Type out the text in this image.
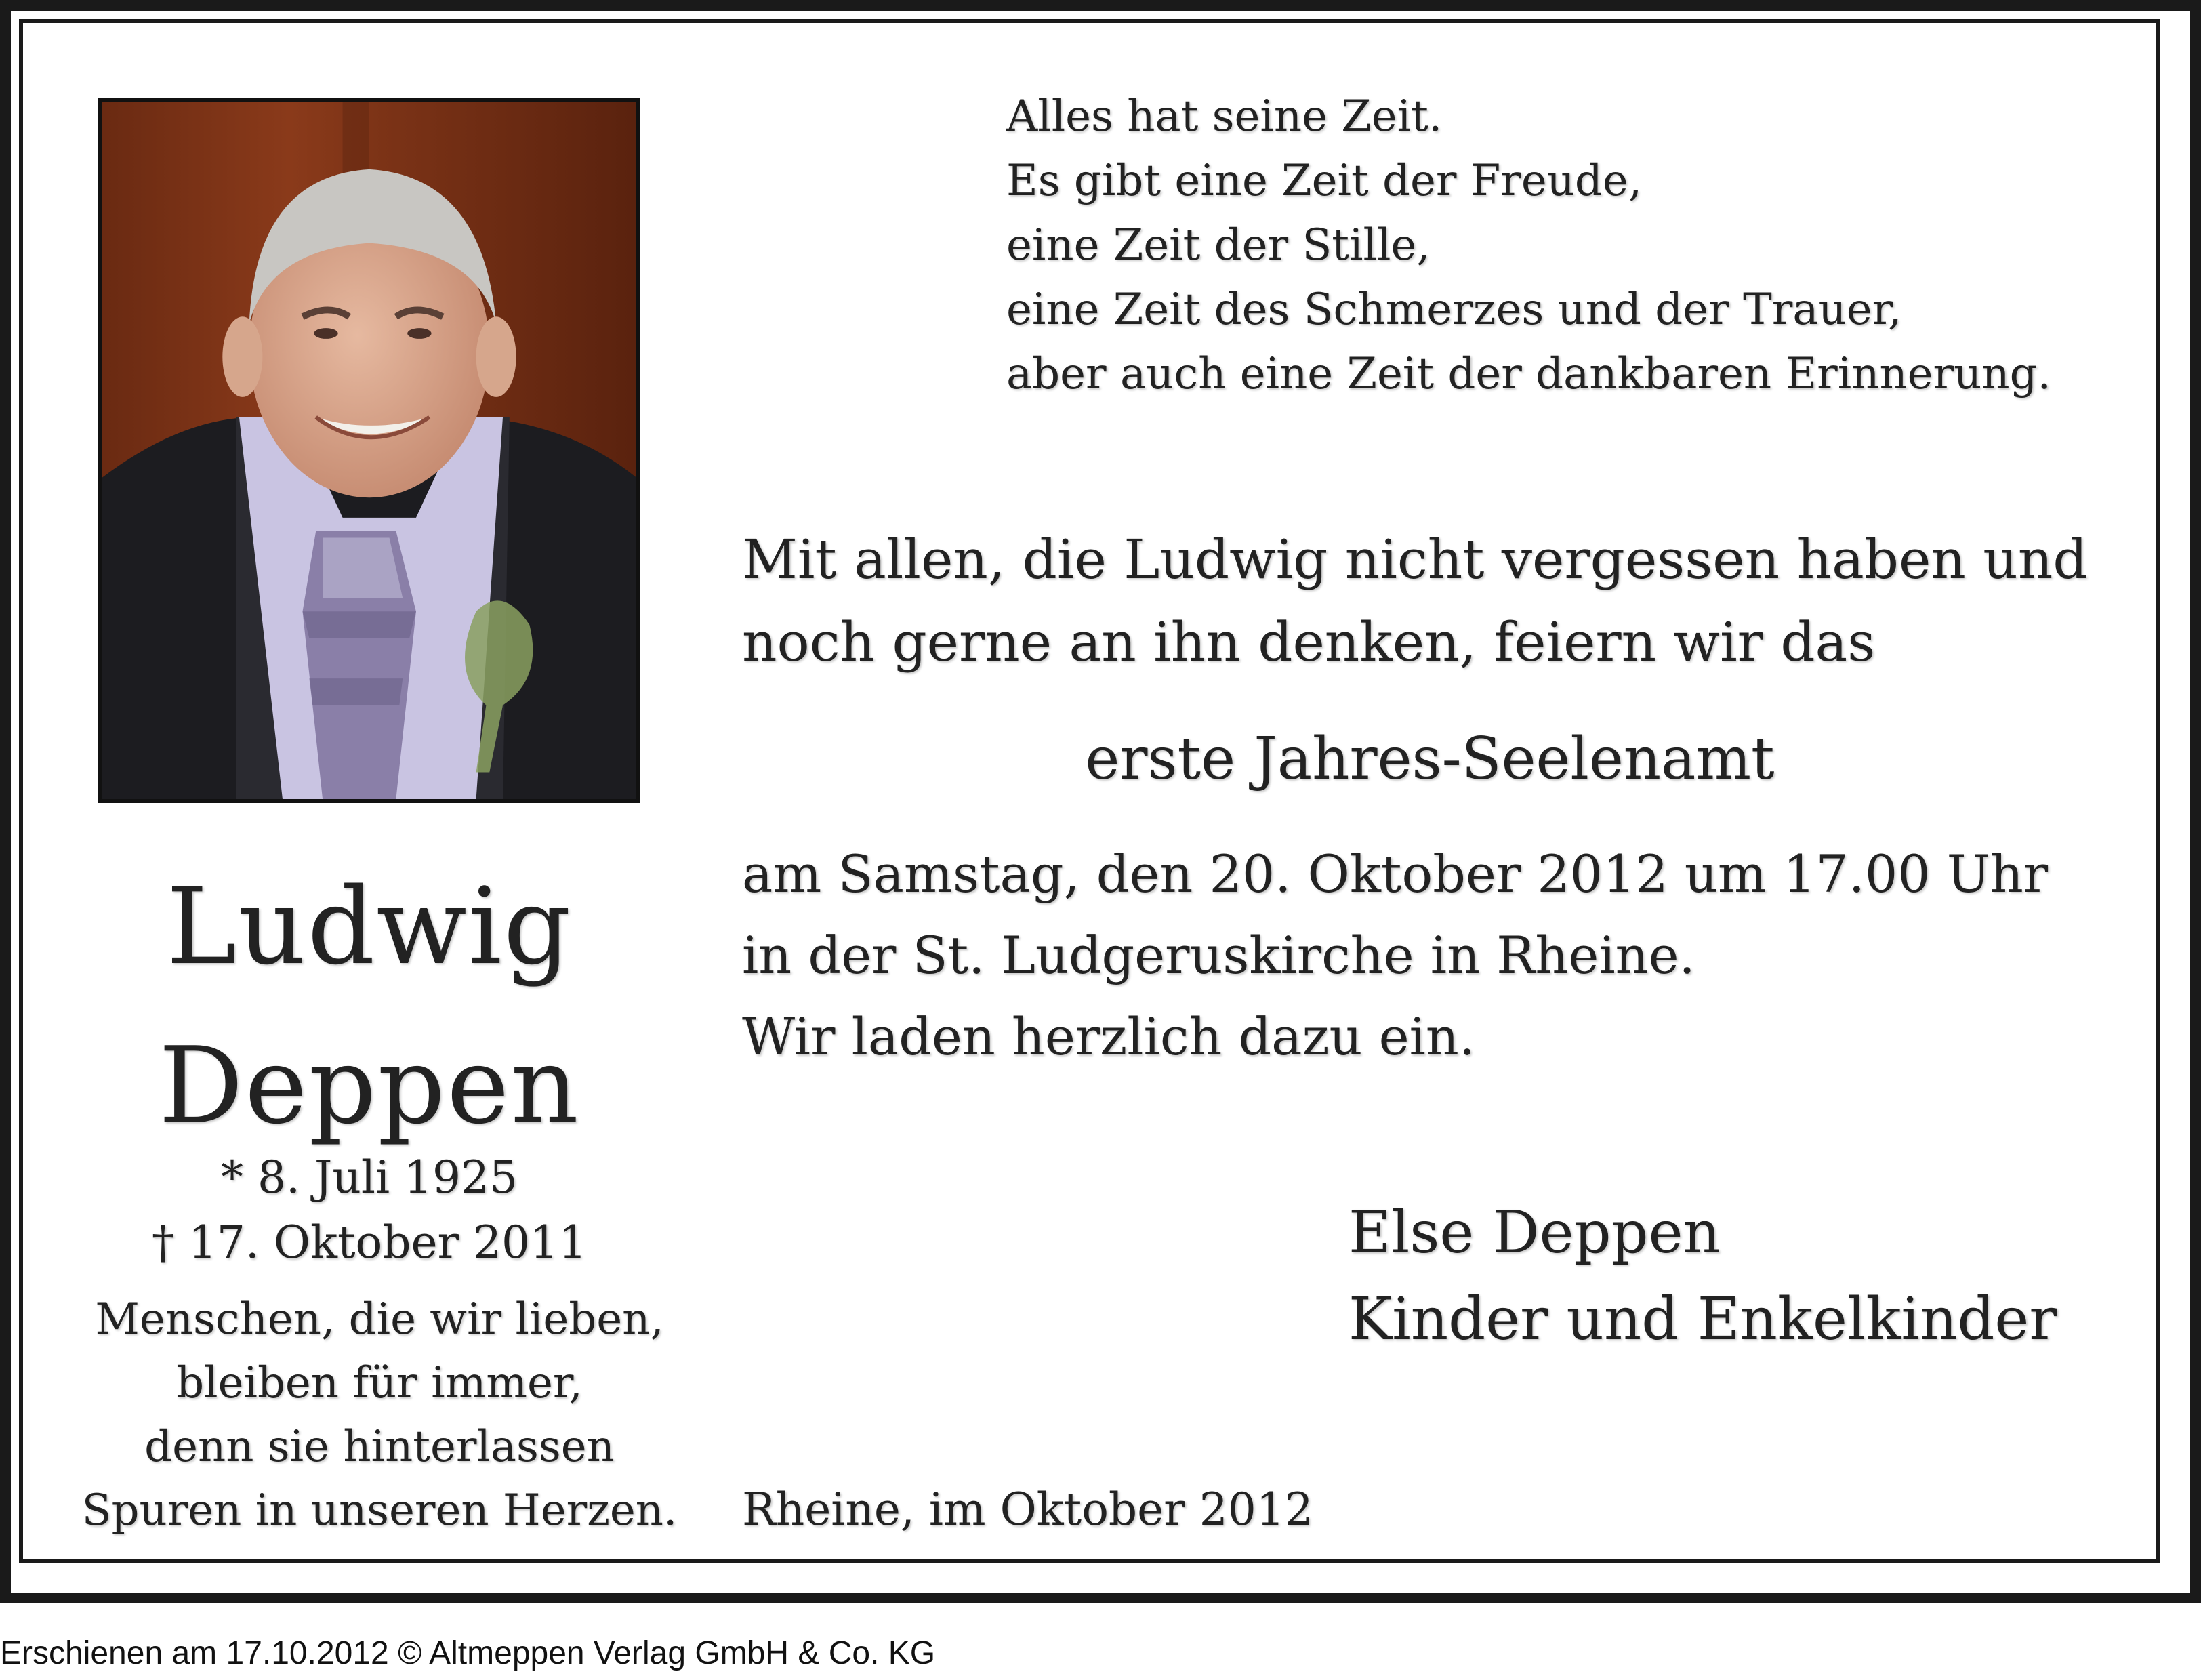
Ludwig
Deppen
* 8. Juli 1925
† 17. Oktober 2011
Menschen, die wir lieben,
bleiben für immer,
denn sie hinterlassen
Spuren in unseren Herzen.
Alles hat seine Zeit.
Es gibt eine Zeit der Freude,
eine Zeit der Stille,
eine Zeit des Schmerzes und der Trauer,
aber auch eine Zeit der dankbaren Erinnerung.
Mit allen, die Ludwig nicht vergessen haben und
noch gerne an ihn denken, feiern wir das
erste Jahres-Seelenamt
am Samstag, den 20. Oktober 2012 um 17.00 Uhr
in der St. Ludgeruskirche in Rheine.
Wir laden herzlich dazu ein.
Else Deppen
Kinder und Enkelkinder
Rheine, im Oktober 2012
Erschienen am 17.10.2012 © Altmeppen Verlag GmbH & Co. KG
